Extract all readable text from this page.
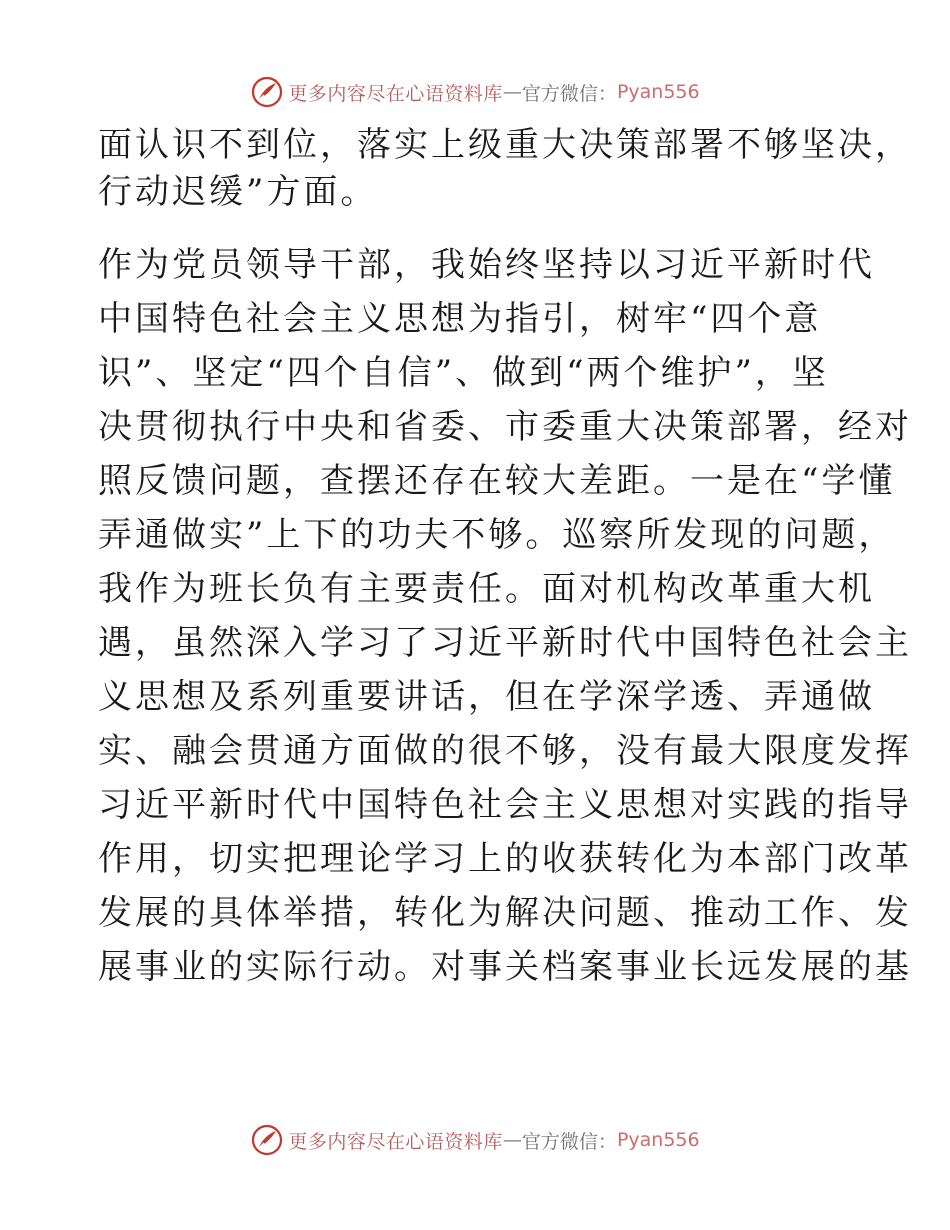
更多内容尽在心语资料库 — 官方微信： Pyan556
面认识不到位，落实上级重大决策部署不够坚决，
行动迟缓”方面。
作为党员领导干部，我始终坚持以习近平新时代
中国特色社会主义思想为指引，树牢“四个意
识”、坚定“四个自信”、做到“两个维护”，坚
决贯彻执行中央和省委、市委重大决策部署，经对
照反馈问题，查摆还存在较大差距。一是在“学懂
弄通做实”上下的功夫不够。巡察所发现的问题，
我作为班长负有主要责任。面对机构改革重大机
遇，虽然深入学习了习近平新时代中国特色社会主
义思想及系列重要讲话，但在学深学透、弄通做
实、融会贯通方面做的很不够，没有最大限度发挥
习近平新时代中国特色社会主义思想对实践的指导
作用，切实把理论学习上的收获转化为本部门改革
发展的具体举措，转化为解决问题、推动工作、发
展事业的实际行动。对事关档案事业长远发展的基
更多内容尽在心语资料库 — 官方微信： Pyan556
